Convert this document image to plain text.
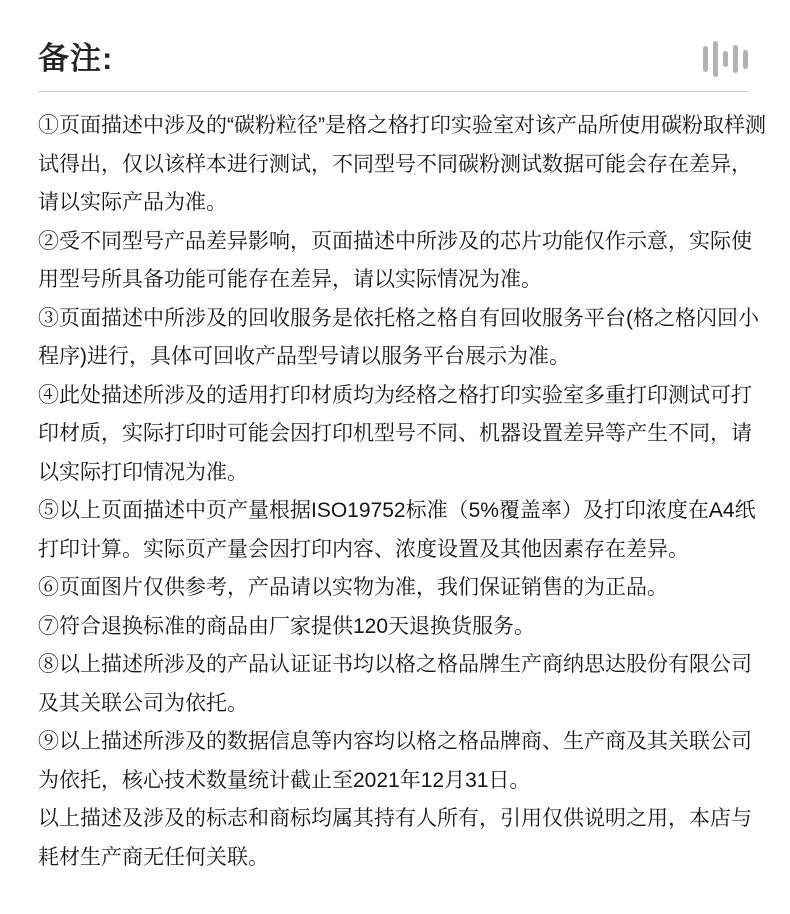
备注:

①页面描述中涉及的“碳粉粒径”是格之格打印实验室对该产品所使用碳粉取样测试得出，仅以该样本进行测试，不同型号不同碳粉测试数据可能会存在差异，请以实际产品为准。

②受不同型号产品差异影响，页面描述中所涉及的芯片功能仅作示意，实际使用型号所具备功能可能存在差异，请以实际情况为准。

③页面描述中所涉及的回收服务是依托格之格自有回收服务平台(格之格闪回小程序)进行，具体可回收产品型号请以服务平台展示为准。

④此处描述所涉及的适用打印材质均为经格之格打印实验室多重打印测试可打印材质，实际打印时可能会因打印机型号不同、机器设置差异等产生不同，请以实际打印情况为准。

⑤以上页面描述中页产量根据ISO19752标准（5%覆盖率）及打印浓度在A4纸打印计算。实际页产量会因打印内容、浓度设置及其他因素存在差异。

⑥页面图片仅供参考，产品请以实物为准，我们保证销售的为正品。

⑦符合退换标准的商品由厂家提供120天退换货服务。

⑧以上描述所涉及的产品认证证书均以格之格品牌生产商纳思达股份有限公司及其关联公司为依托。

⑨以上描述所涉及的数据信息等内容均以格之格品牌商、生产商及其关联公司为依托，核心技术数量统计截止至2021年12月31日。

以上描述及涉及的标志和商标均属其持有人所有，引用仅供说明之用，本店与耗材生产商无任何关联。
